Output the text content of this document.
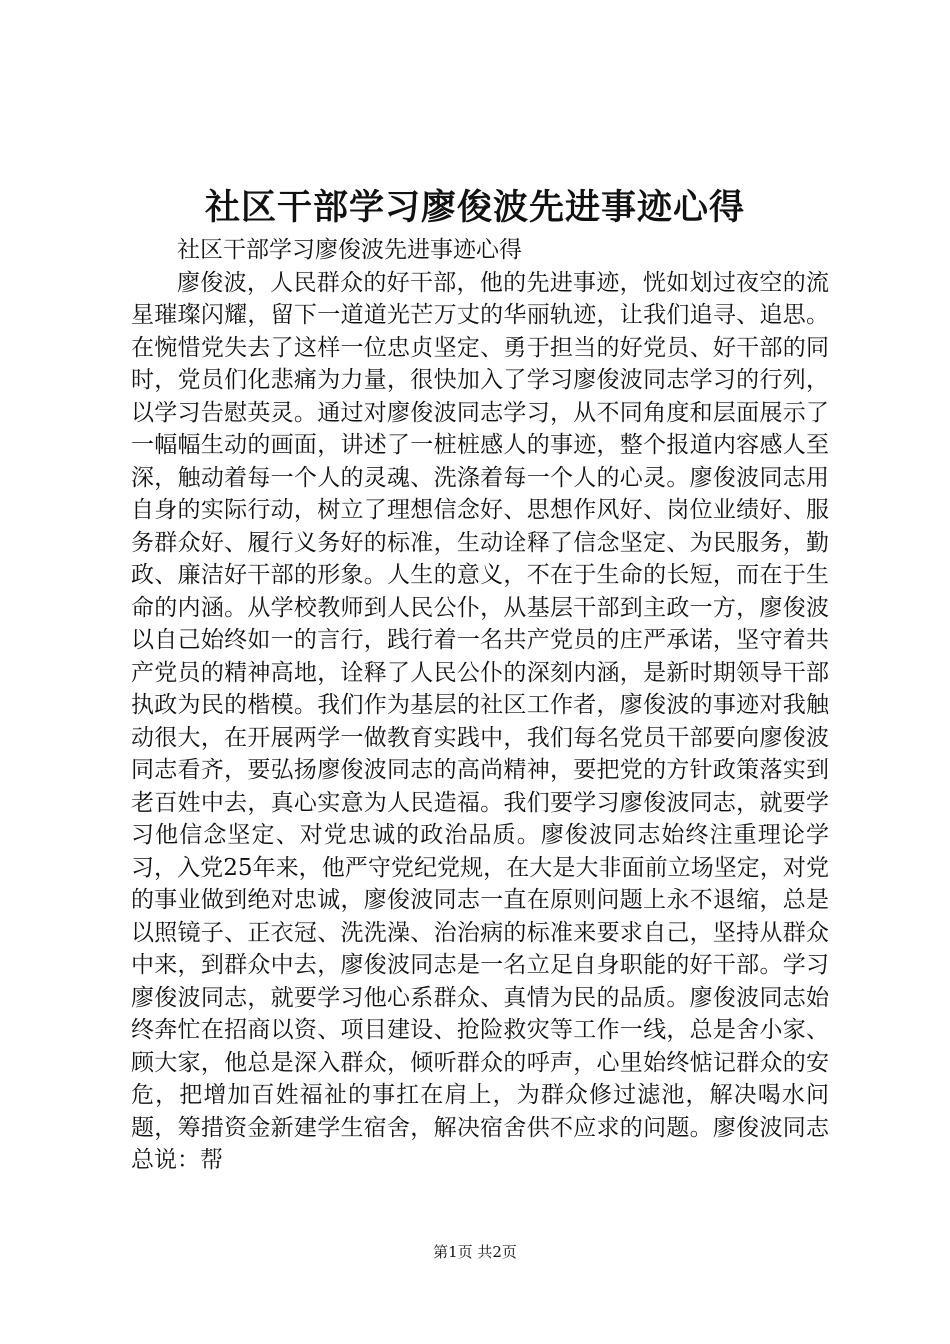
社区干部学习廖俊波先进事迹心得

社区干部学习廖俊波先进事迹心得

廖俊波，人民群众的好干部，他的先进事迹，恍如划过夜空的流星璀璨闪耀，留下一道道光芒万丈的华丽轨迹，让我们追寻、追思。在惋惜党失去了这样一位忠贞坚定、勇于担当的好党员、好干部的同时，党员们化悲痛为力量，很快加入了学习廖俊波同志学习的行列，以学习告慰英灵。通过对廖俊波同志学习，从不同角度和层面展示了一幅幅生动的画面，讲述了一桩桩感人的事迹，整个报道内容感人至深，触动着每一个人的灵魂、洗涤着每一个人的心灵。廖俊波同志用自身的实际行动，树立了理想信念好、思想作风好、岗位业绩好、服务群众好、履行义务好的标准，生动诠释了信念坚定、为民服务，勤政、廉洁好干部的形象。人生的意义，不在于生命的长短，而在于生命的内涵。从学校教师到人民公仆，从基层干部到主政一方，廖俊波以自己始终如一的言行，践行着一名共产党员的庄严承诺，坚守着共产党员的精神高地，诠释了人民公仆的深刻内涵，是新时期领导干部执政为民的楷模。我们作为基层的社区工作者，廖俊波的事迹对我触动很大，在开展两学一做教育实践中，我们每名党员干部要向廖俊波同志看齐，要弘扬廖俊波同志的高尚精神，要把党的方针政策落实到老百姓中去，真心实意为人民造福。我们要学习廖俊波同志，就要学习他信念坚定、对党忠诚的政治品质。廖俊波同志始终注重理论学习，入党25年来，他严守党纪党规，在大是大非面前立场坚定，对党的事业做到绝对忠诚，廖俊波同志一直在原则问题上永不退缩，总是以照镜子、正衣冠、洗洗澡、治治病的标准来要求自己，坚持从群众中来，到群众中去，廖俊波同志是一名立足自身职能的好干部。学习廖俊波同志，就要学习他心系群众、真情为民的品质。廖俊波同志始终奔忙在招商以资、项目建设、抢险救灾等工作一线，总是舍小家、顾大家，他总是深入群众，倾听群众的呼声，心里始终惦记群众的安危，把增加百姓福祉的事扛在肩上，为群众修过滤池，解决喝水问题，筹措资金新建学生宿舍，解决宿舍供不应求的问题。廖俊波同志总说：帮

第1页 共2页
